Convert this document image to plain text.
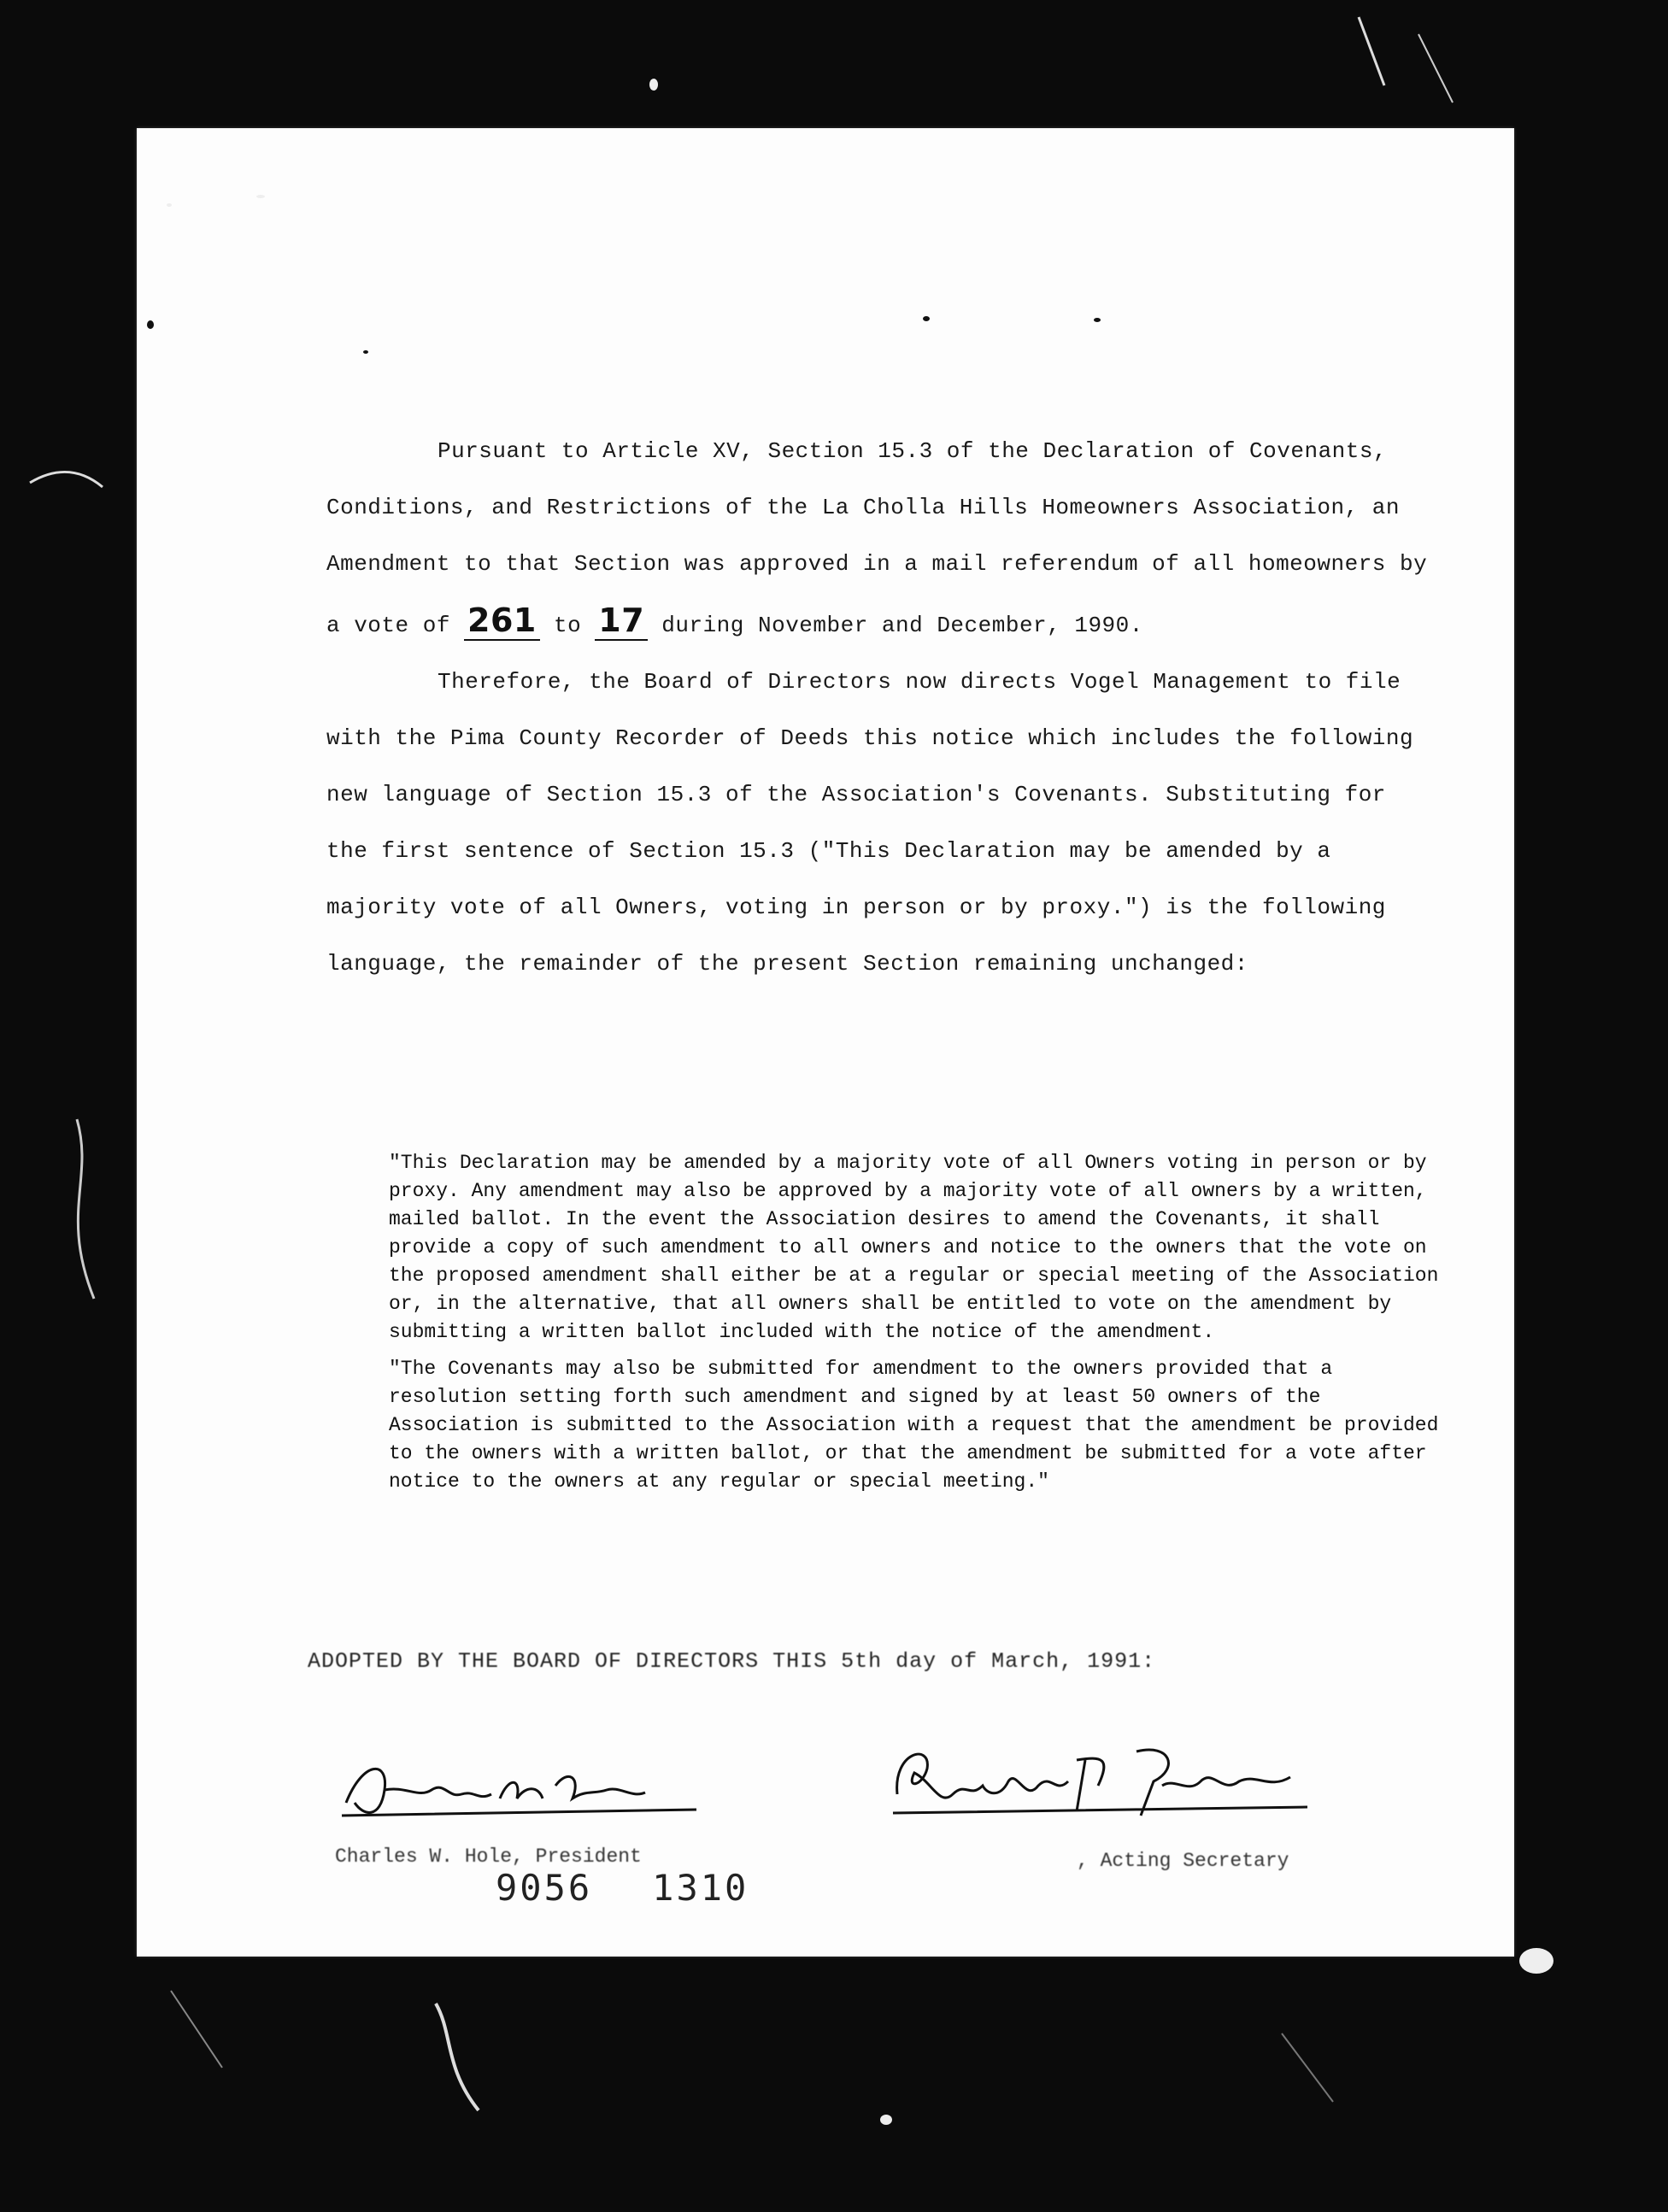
Pursuant to Article XV, Section 15.3 of the Declaration of Covenants, Conditions, and Restrictions of the La Cholla Hills Homeowners Association, an Amendment to that Section was approved in a mail referendum of all homeowners by a vote of 261 to 17 during November and December, 1990.

Therefore, the Board of Directors now directs Vogel Management to file with the Pima County Recorder of Deeds this notice which includes the following new language of Section 15.3 of the Association's Covenants. Substituting for the first sentence of Section 15.3 ("This Declaration may be amended by a majority vote of all Owners, voting in person or by proxy.") is the following language, the remainder of the present Section remaining unchanged:

"This Declaration may be amended by a majority vote of all Owners voting in person or by proxy. Any amendment may also be approved by a majority vote of all owners by a written, mailed ballot. In the event the Association desires to amend the Covenants, it shall provide a copy of such amendment to all owners and notice to the owners that the vote on the proposed amendment shall either be at a regular or special meeting of the Association or, in the alternative, that all owners shall be entitled to vote on the amendment by submitting a written ballot included with the notice of the amendment.

"The Covenants may also be submitted for amendment to the owners provided that a resolution setting forth such amendment and signed by at least 50 owners of the Association is submitted to the Association with a request that the amendment be provided to the owners with a written ballot, or that the amendment be submitted for a vote after notice to the owners at any regular or special meeting."

ADOPTED BY THE BOARD OF DIRECTORS THIS 5th day of March, 1991:
Charles W. Hole, President	, Acting Secretary
9056 1310
